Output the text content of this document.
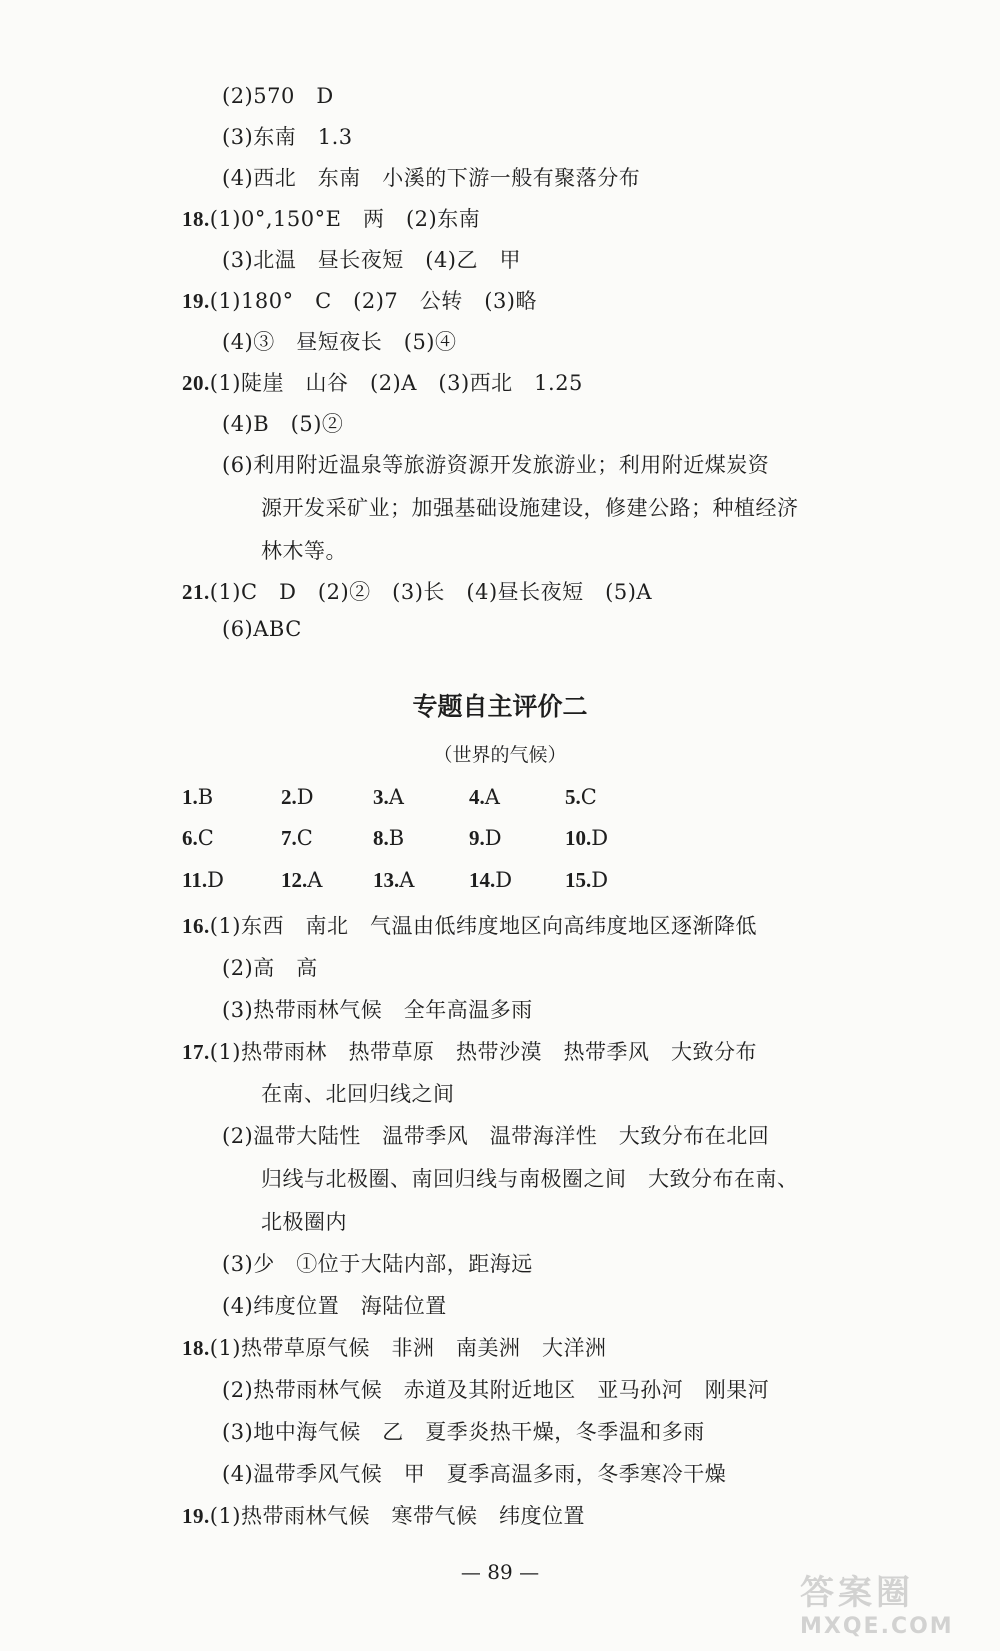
(2)570　D
(3)东南　1.3
(4)西北　东南　小溪的下游一般有聚落分布
18.(1)0°,150°E　两　(2)东南
(3)北温　昼长夜短　(4)乙　甲
19.(1)180°　C　(2)7　公转　(3)略
(4)③　昼短夜长　(5)④
20.(1)陡崖　山谷　(2)A　(3)西北　1.25
(4)B　(5)②
(6)利用附近温泉等旅游资源开发旅游业；利用附近煤炭资
源开发采矿业；加强基础设施建设，修建公路；种植经济
林木等。
21.(1)C　D　(2)②　(3)长　(4)昼长夜短　(5)A
(6)ABC
专题自主评价二
（世界的气候）
1.B	2.D	3.A	4.A	5.C
6.C	7.C	8.B	9.D	10.D
11.D	12.A 13.A	14.D	15.D
16.(1)东西　南北　气温由低纬度地区向高纬度地区逐渐降低
(2)高　高
(3)热带雨林气候　全年高温多雨
17.(1)热带雨林　热带草原　热带沙漠　热带季风　大致分布
在南、北回归线之间
(2)温带大陆性　温带季风　温带海洋性　大致分布在北回
归线与北极圈、南回归线与南极圈之间　大致分布在南、
北极圈内
(3)少　①位于大陆内部，距海远
(4)纬度位置　海陆位置
18.(1)热带草原气候　非洲　南美洲　大洋洲
(2)热带雨林气候　赤道及其附近地区　亚马孙河　刚果河
(3)地中海气候　乙　夏季炎热干燥，冬季温和多雨
(4)温带季风气候　甲　夏季高温多雨，冬季寒冷干燥
19.(1)热带雨林气候　寒带气候　纬度位置
— 89 —
答案圈
MXQE.COM
